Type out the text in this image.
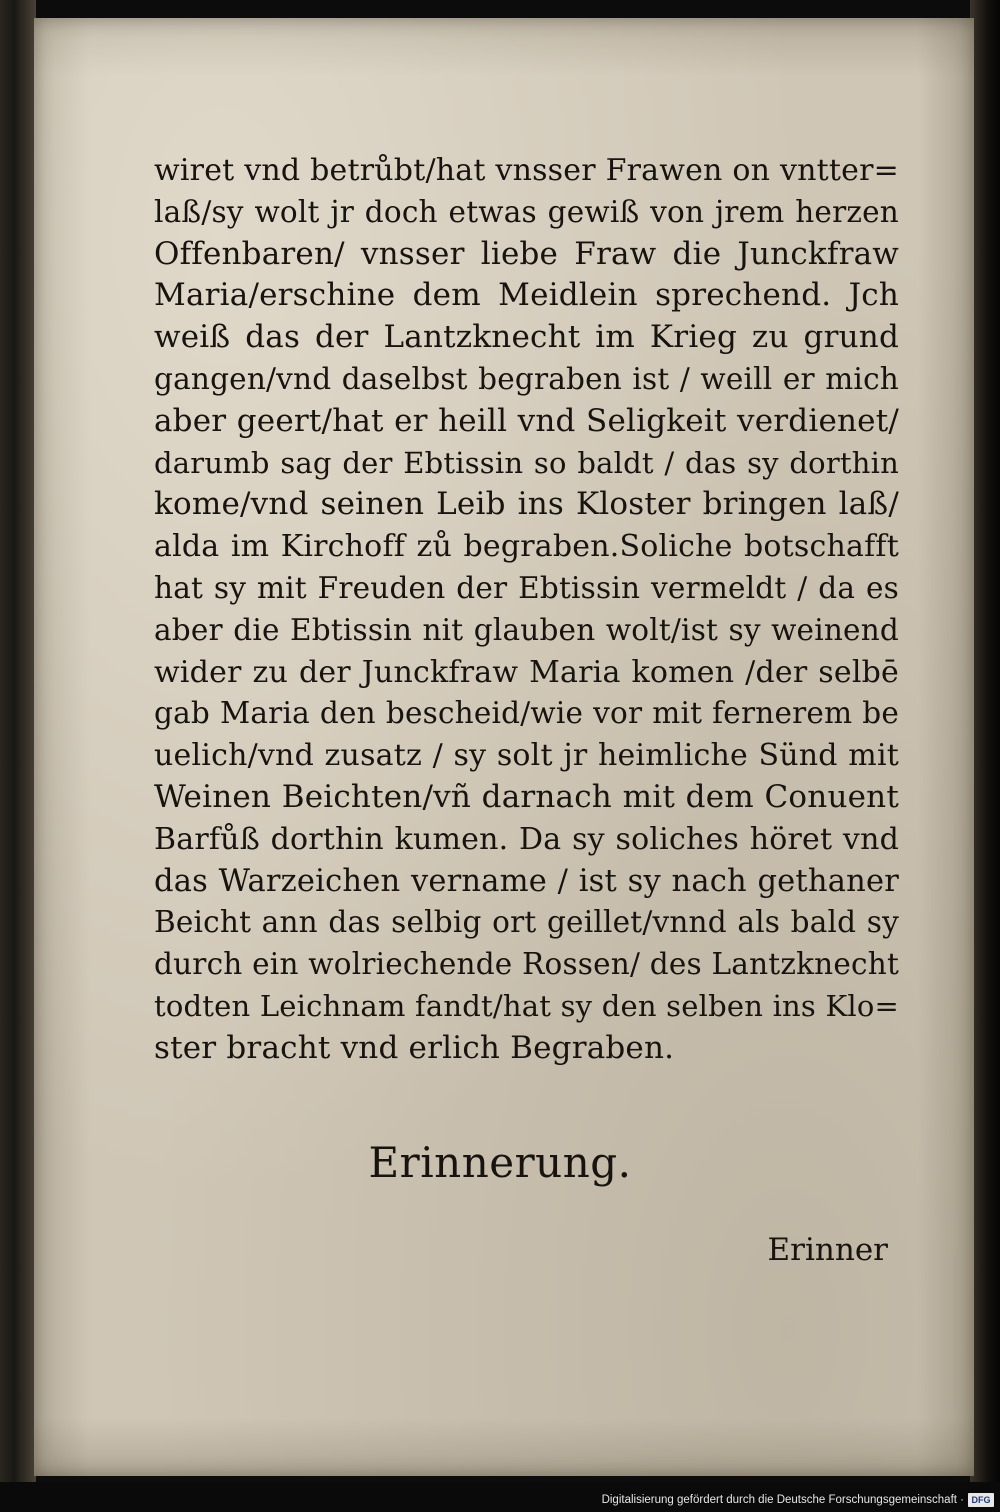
wiret vnd betrůbt/hat vnsser Frawen on vntter=
laß/sy wolt jr doch etwas gewiß von jrem herzen
Offenbaren/ vnsser liebe Fraw die Junckfraw
Maria/erschine dem Meidlein sprechend. Jch
weiß das der Lantzknecht im Krieg zu grund
gangen/vnd daselbst begraben ist / weill er mich
aber geert/hat er heill vnd Seligkeit verdienet/
darumb sag der Ebtissin so baldt / das sy dorthin
kome/vnd seinen Leib ins Kloster bringen laß/
alda im Kirchoff zů begraben.Soliche botschafft
hat sy mit Freuden der Ebtissin vermeldt / da es
aber die Ebtissin nit glauben wolt/ist sy weinend
wider zu der Junckfraw Maria komen /der selbē
gab Maria den bescheid/wie vor mit fernerem be
uelich/vnd zusatz / sy solt jr heimliche Sünd mit
Weinen Beichten/vñ darnach mit dem Conuent
Barfůß dorthin kumen. Da sy soliches höret vnd
das Warzeichen vername / ist sy nach gethaner
Beicht ann das selbig ort geillet/vnnd als bald sy
durch ein wolriechende Rossen/ des Lantzknecht
todten Leichnam fandt/hat sy den selben ins Klo=
ster bracht vnd erlich Begraben.
Erinnerung.
Erinner
Digitalisierung gefördert durch die Deutsche Forschungsgemeinschaft · DFG
